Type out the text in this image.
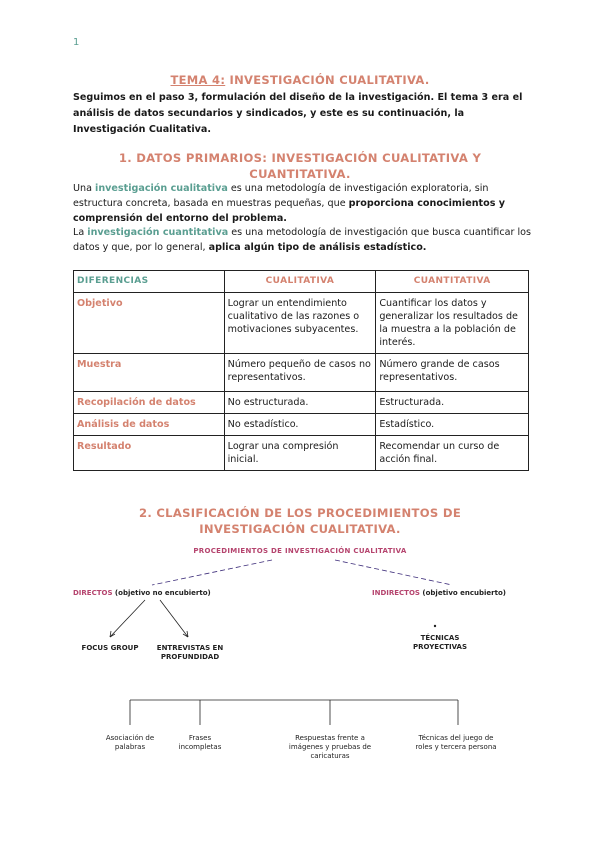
1
TEMA 4: INVESTIGACIÓN CUALITATIVA.
Seguimos en el paso 3, formulación del diseño de la investigación. El tema 3 era el análisis de datos secundarios y sindicados, y este es su continuación, la Investigación Cualitativa.
1. DATOS PRIMARIOS: INVESTIGACIÓN CUALITATIVA Y CUANTITATIVA.
Una investigación cualitativa es una metodología de investigación exploratoria, sin estructura concreta, basada en muestras pequeñas, que proporciona conocimientos y comprensión del entorno del problema.
La investigación cuantitativa es una metodología de investigación que busca cuantificar los datos y que, por lo general, aplica algún tipo de análisis estadístico.
DIFERENCIAS	CUALITATIVA	CUANTITATIVA
Objetivo	Lograr un entendimiento cualitativo de las razones o motivaciones subyacentes.	Cuantificar los datos y generalizar los resultados de la muestra a la población de interés.
Muestra	Número pequeño de casos no representativos.	Número grande de casos representativos.
Recopilación de datos	No estructurada.	Estructurada.
Análisis de datos	No estadístico.	Estadístico.
Resultado	Lograr una compresión inicial.	Recomendar un curso de acción final.
2. CLASIFICACIÓN DE LOS PROCEDIMIENTOS DE INVESTIGACIÓN CUALITATIVA.
PROCEDIMIENTOS DE INVESTIGACIÓN CUALITATIVA
DIRECTOS (objetivo no encubierto)	INDIRECTOS (objetivo encubierto)
FOCUS GROUP	ENTREVISTAS EN PROFUNDIDAD
TÉCNICAS PROYECTIVAS
Asociación de palabras
Frases incompletas
Respuestas frente a imágenes y pruebas de caricaturas
Técnicas del juego de roles y tercera persona
